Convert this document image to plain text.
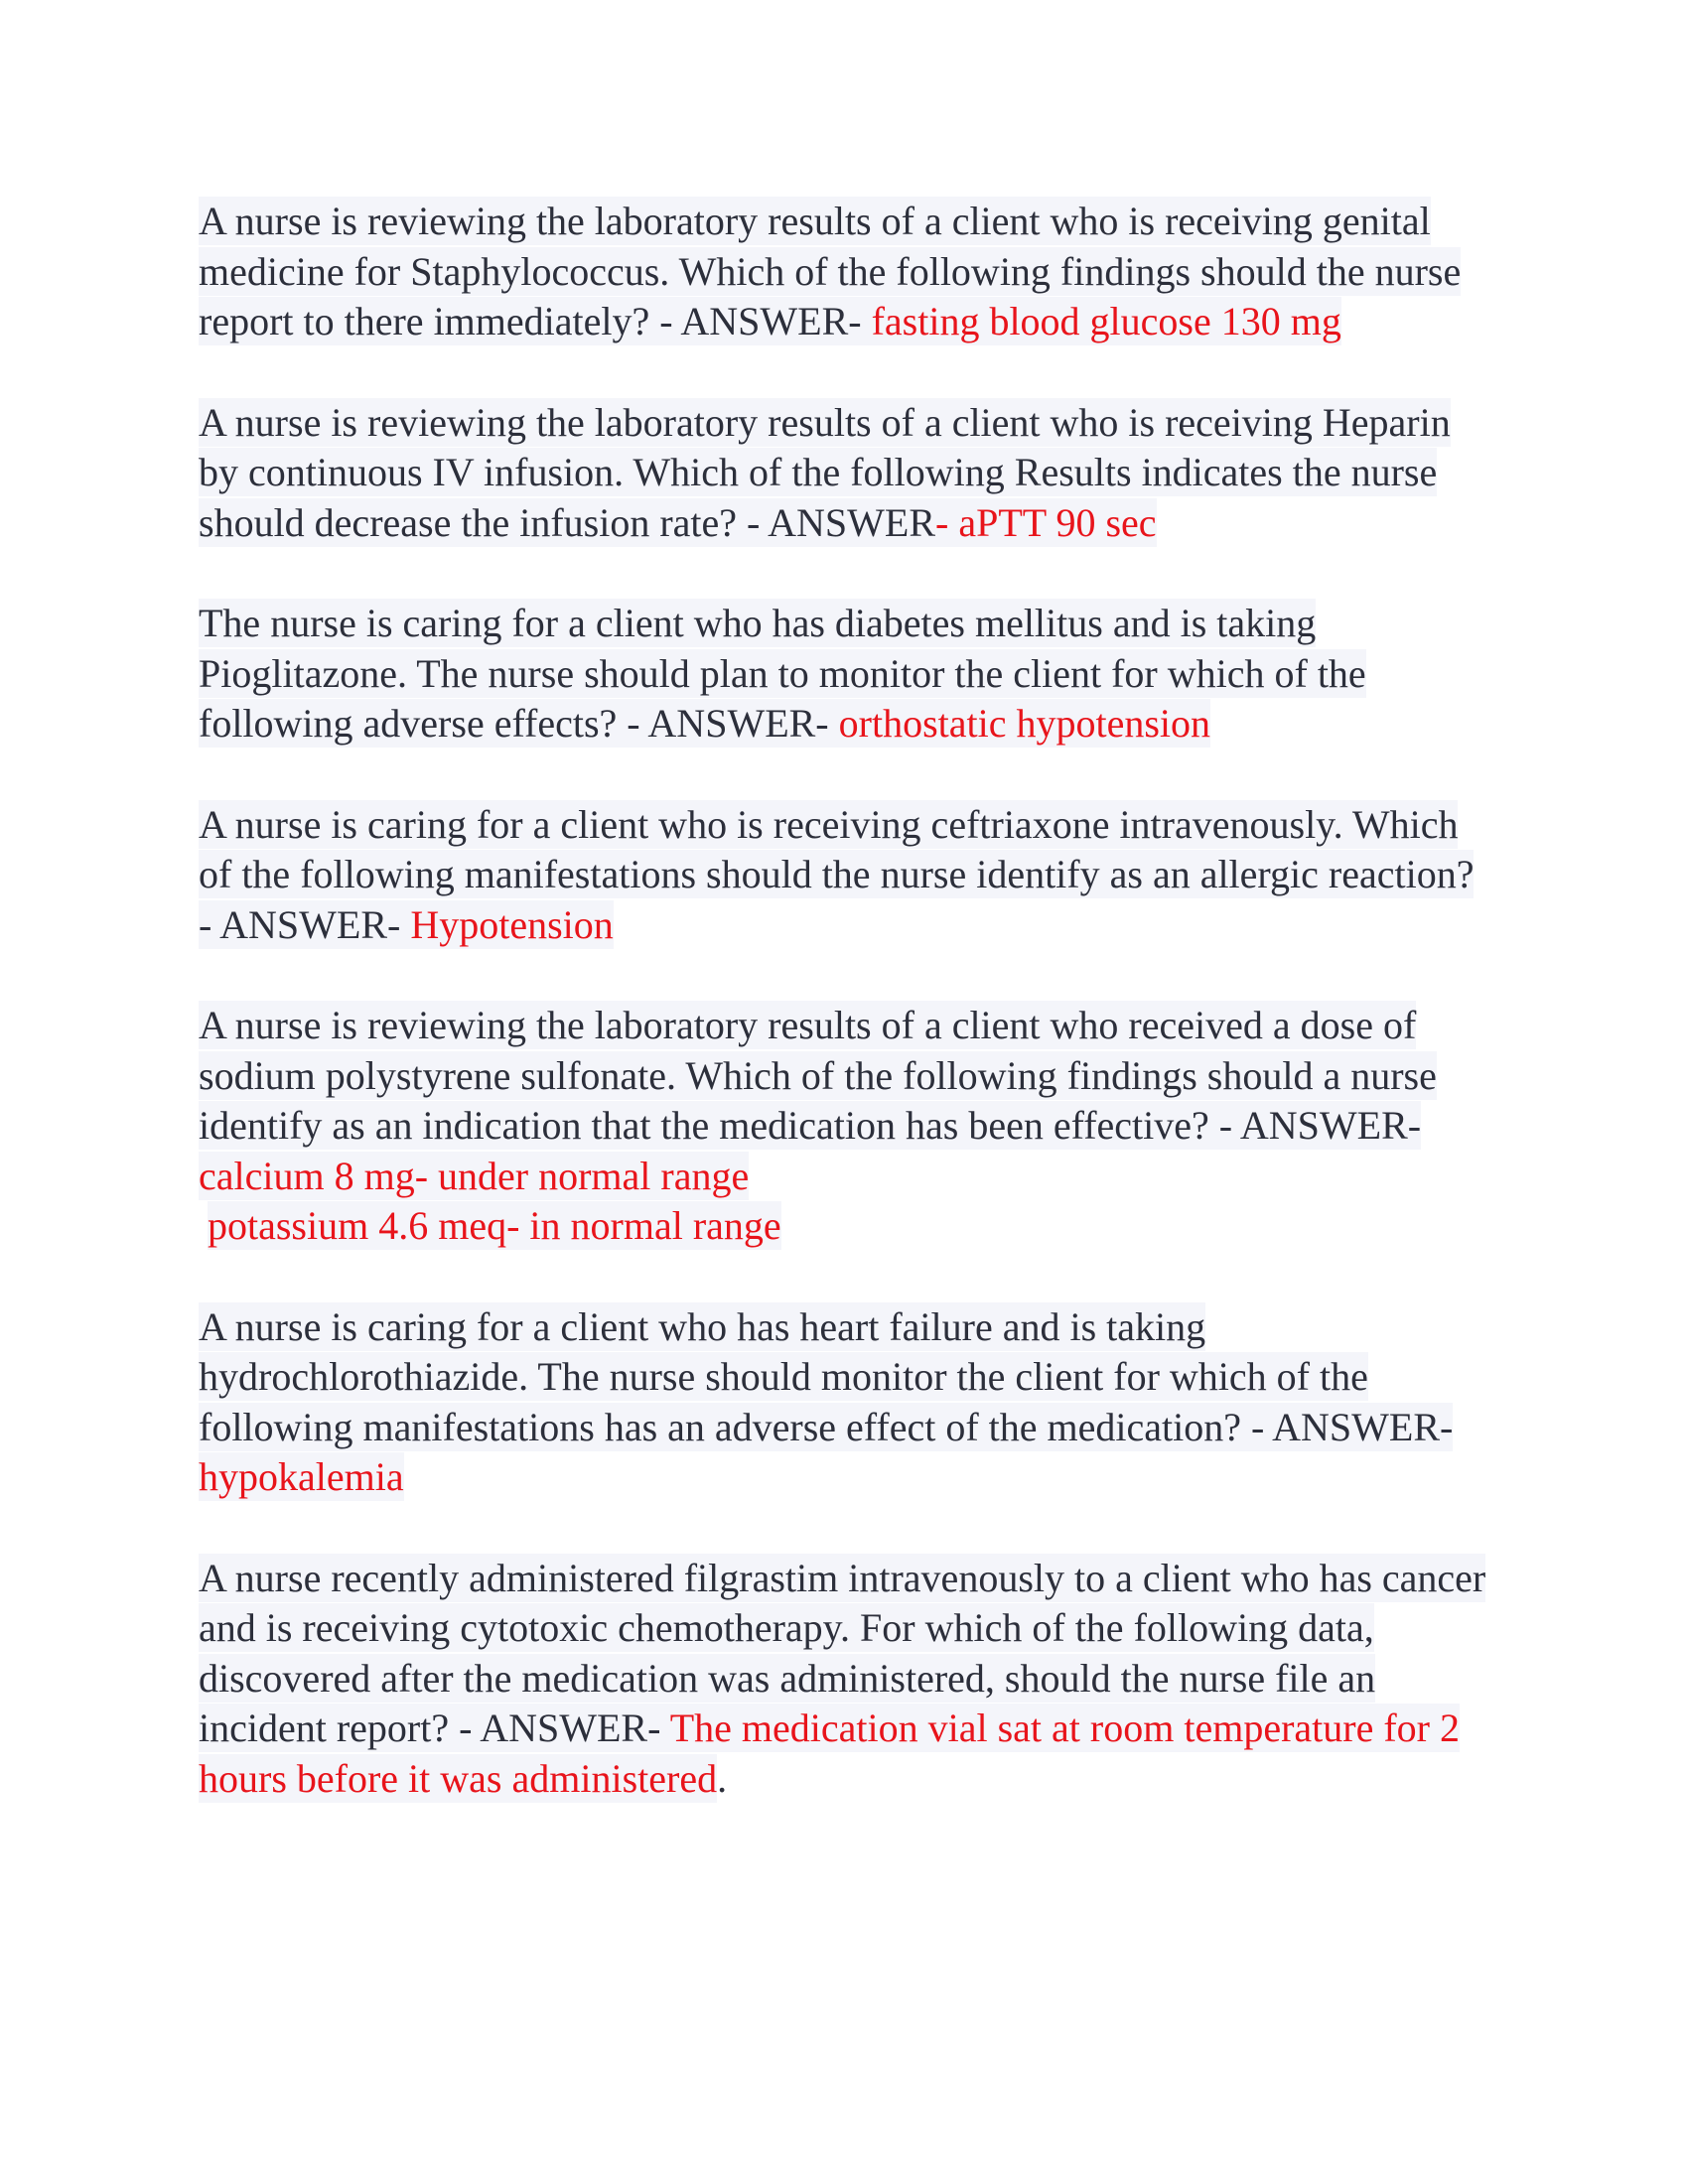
A nurse is reviewing the laboratory results of a client who is receiving genital medicine for Staphylococcus. Which of the following findings should the nurse report to there immediately? - ANSWER- fasting blood glucose 130 mg

A nurse is reviewing the laboratory results of a client who is receiving Heparin by continuous IV infusion. Which of the following Results indicates the nurse should decrease the infusion rate? - ANSWER- aPTT 90 sec

The nurse is caring for a client who has diabetes mellitus and is taking Pioglitazone. The nurse should plan to monitor the client for which of the following adverse effects? - ANSWER- orthostatic hypotension

A nurse is caring for a client who is receiving ceftriaxone intravenously. Which of the following manifestations should the nurse identify as an allergic reaction? - ANSWER- Hypotension

A nurse is reviewing the laboratory results of a client who received a dose of sodium polystyrene sulfonate. Which of the following findings should a nurse identify as an indication that the medication has been effective? - ANSWER- calcium 8 mg- under normal range

potassium 4.6 meq- in normal range

A nurse is caring for a client who has heart failure and is taking hydrochlorothiazide. The nurse should monitor the client for which of the following manifestations has an adverse effect of the medication? - ANSWER- hypokalemia

A nurse recently administered filgrastim intravenously to a client who has cancer and is receiving cytotoxic chemotherapy. For which of the following data, discovered after the medication was administered, should the nurse file an incident report? - ANSWER- The medication vial sat at room temperature for 2 hours before it was administered.
